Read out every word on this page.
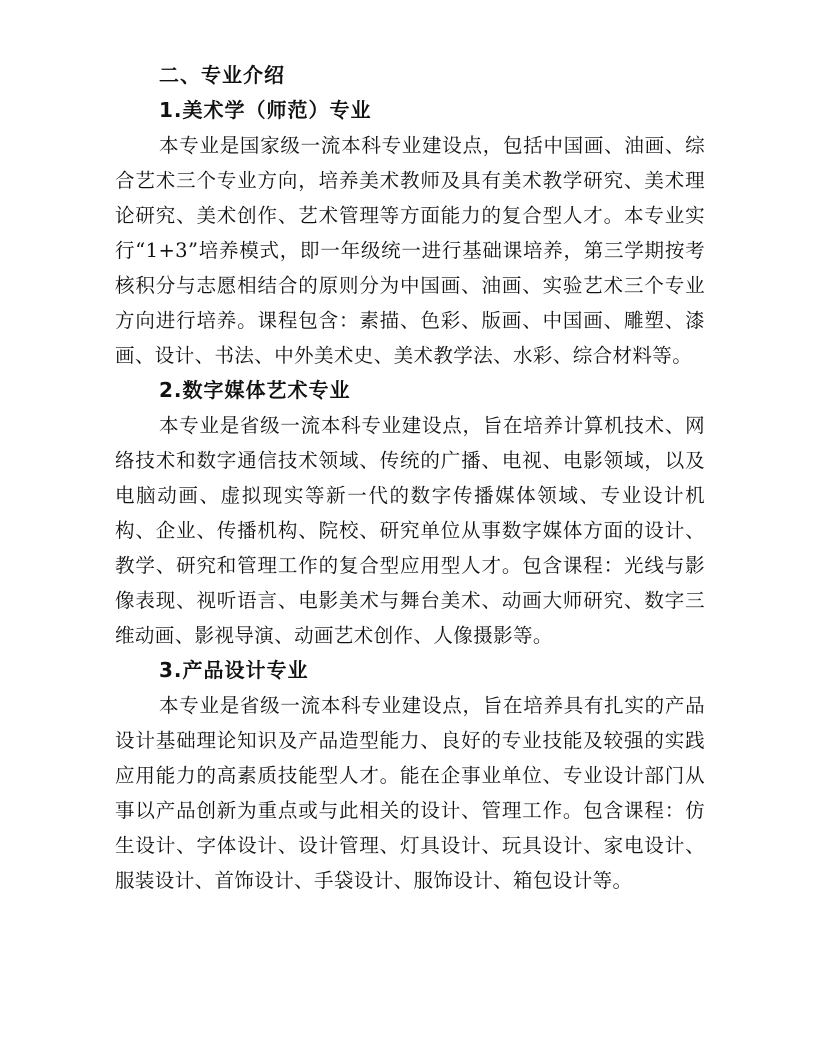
二、专业介绍
1.美术学（师范）专业

本专业是国家级一流本科专业建设点，包括中国画、油画、综合艺术三个专业方向，培养美术教师及具有美术教学研究、美术理论研究、美术创作、艺术管理等方面能力的复合型人才。本专业实行“1+3”培养模式，即一年级统一进行基础课培养，第三学期按考核积分与志愿相结合的原则分为中国画、油画、实验艺术三个专业方向进行培养。课程包含：素描、色彩、版画、中国画、雕塑、漆画、设计、书法、中外美术史、美术教学法、水彩、综合材料等。

2.数字媒体艺术专业

本专业是省级一流本科专业建设点，旨在培养计算机技术、网络技术和数字通信技术领域、传统的广播、电视、电影领域，以及电脑动画、虚拟现实等新一代的数字传播媒体领域、专业设计机构、企业、传播机构、院校、研究单位从事数字媒体方面的设计、教学、研究和管理工作的复合型应用型人才。包含课程：光线与影像表现、视听语言、电影美术与舞台美术、动画大师研究、数字三维动画、影视导演、动画艺术创作、人像摄影等。

3.产品设计专业

本专业是省级一流本科专业建设点，旨在培养具有扎实的产品设计基础理论知识及产品造型能力、良好的专业技能及较强的实践应用能力的高素质技能型人才。能在企事业单位、专业设计部门从事以产品创新为重点或与此相关的设计、管理工作。包含课程：仿生设计、字体设计、设计管理、灯具设计、玩具设计、家电设计、服装设计、首饰设计、手袋设计、服饰设计、箱包设计等。
